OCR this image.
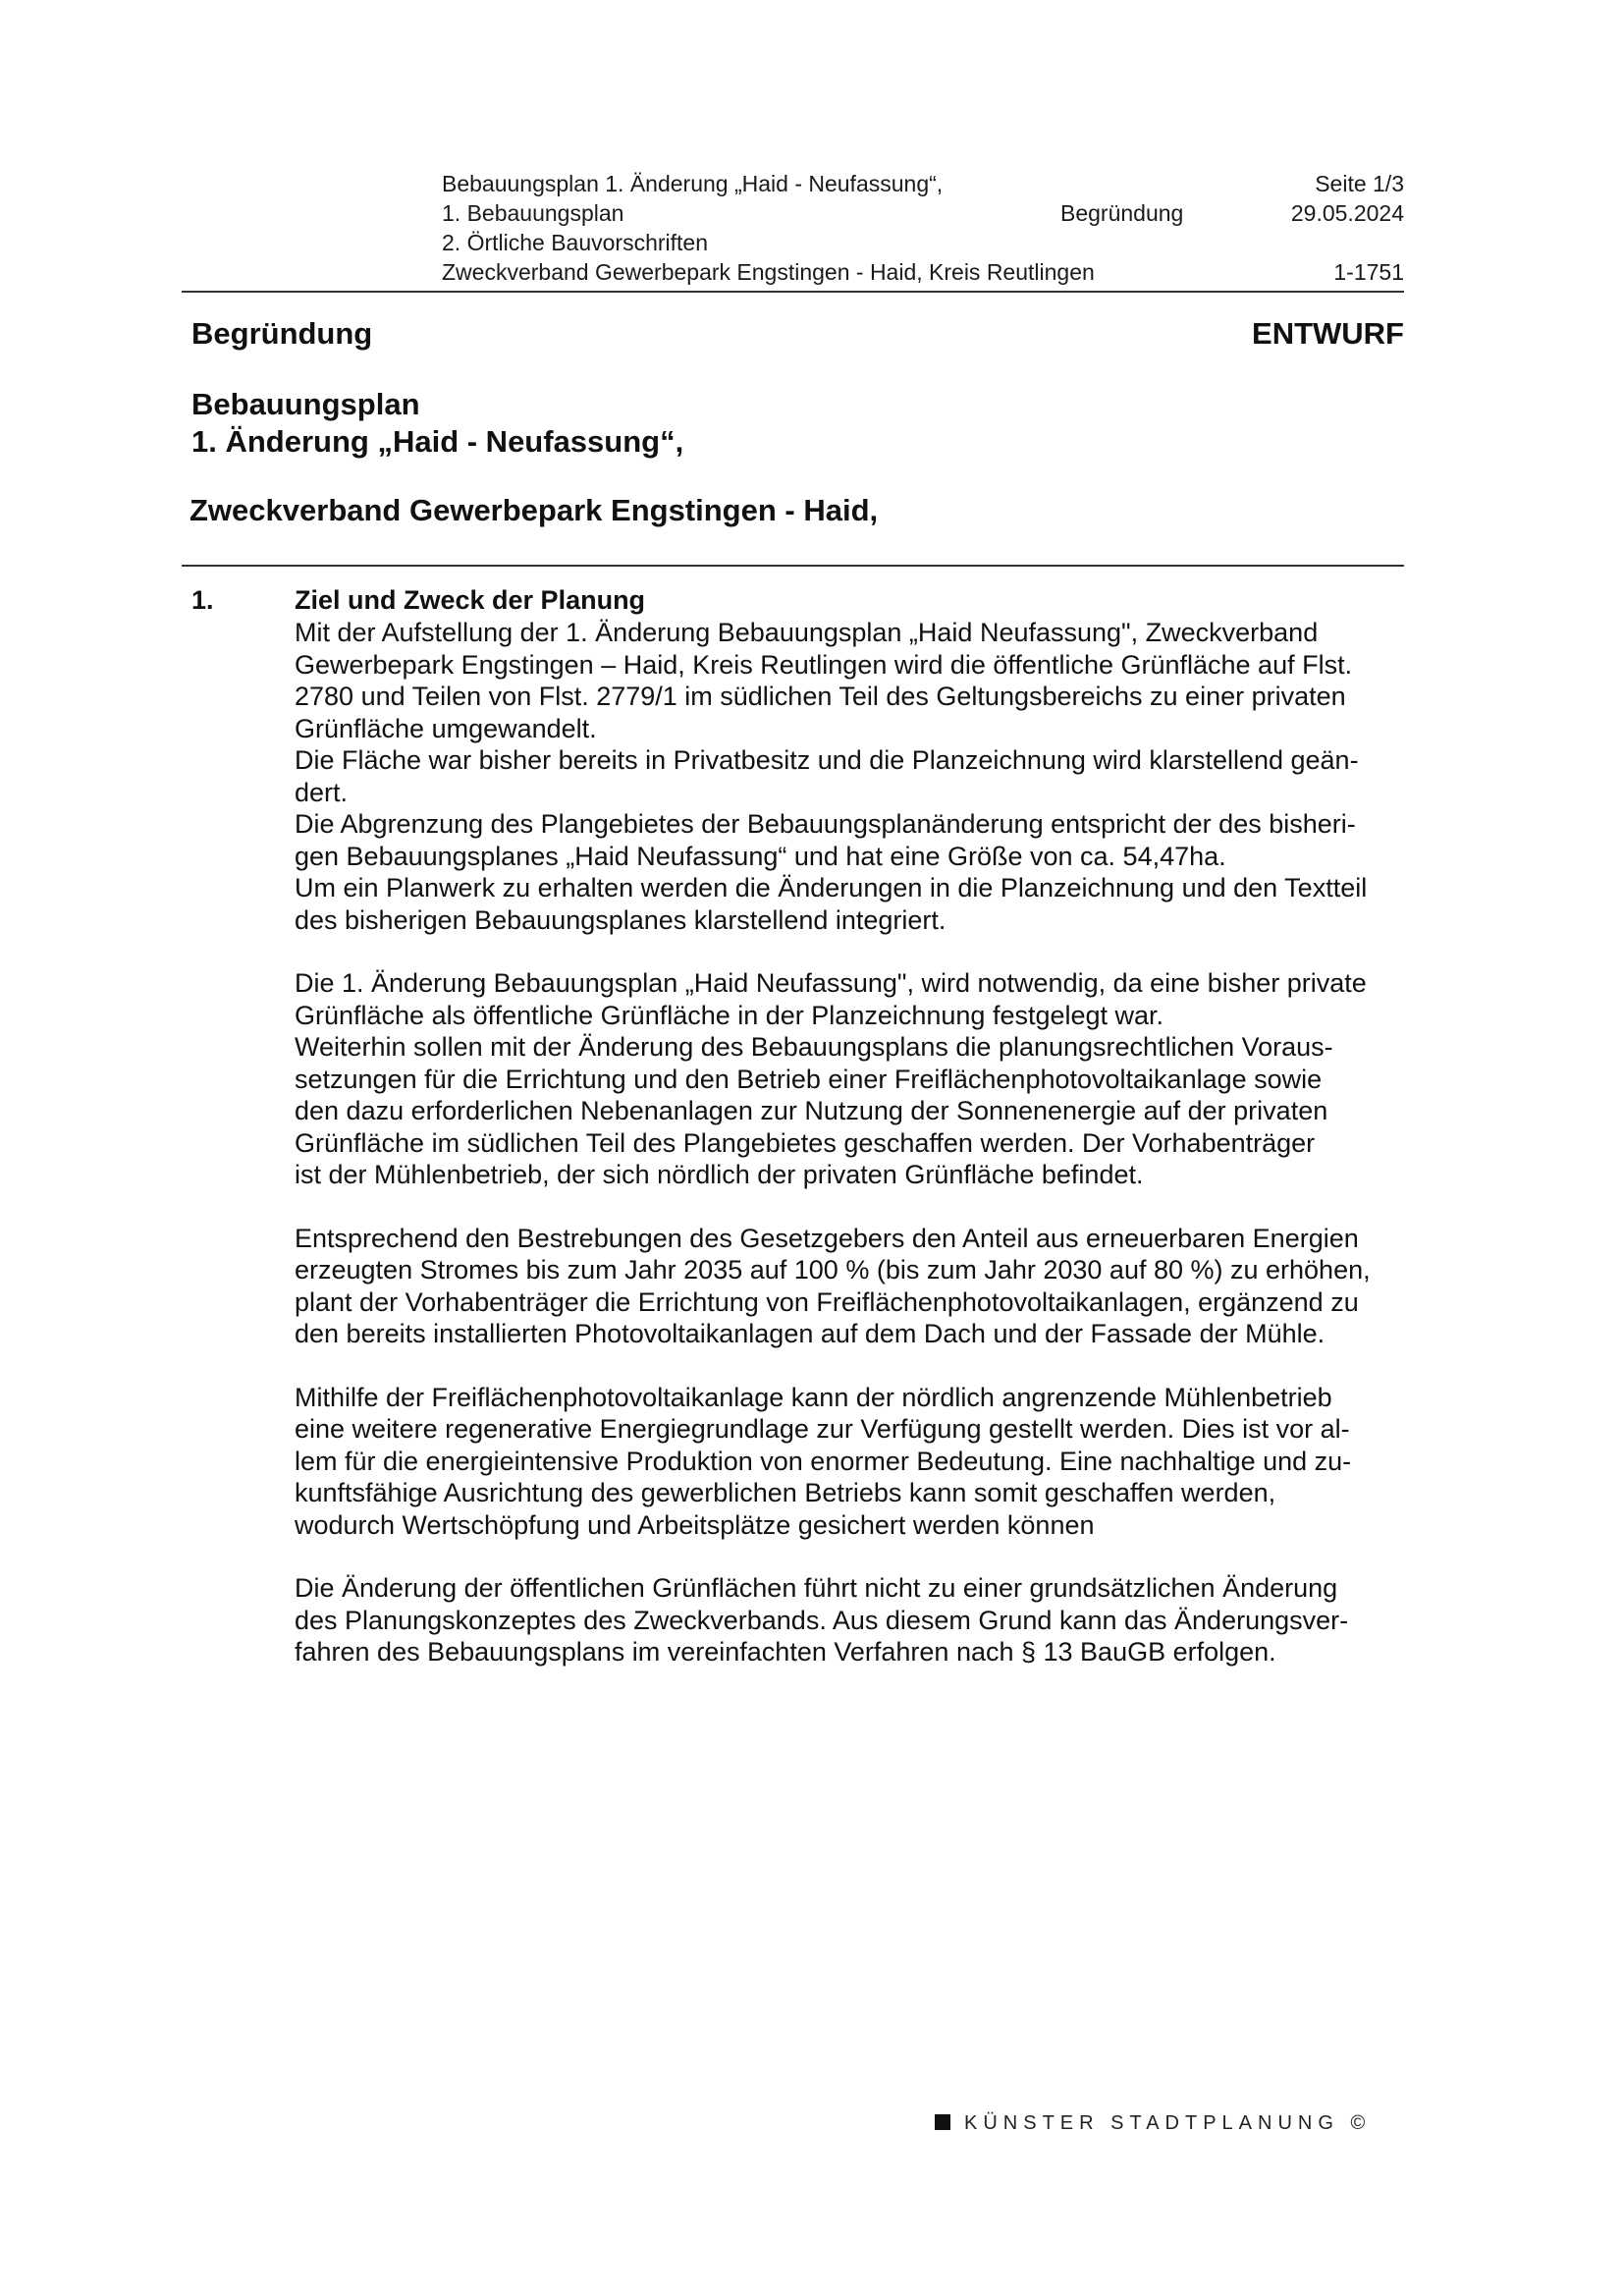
Bebauungsplan 1. Änderung „Haid - Neufassung“,	Seite 1/3
1. Bebauungsplan	Begründung	29.05.2024
2. Örtliche Bauvorschriften
Zweckverband Gewerbepark Engstingen - Haid, Kreis Reutlingen	1-1751
Begründung	ENTWURF
Bebauungsplan
1. Änderung „Haid - Neufassung“,
Zweckverband Gewerbepark Engstingen - Haid,
1.	Ziel und Zweck der Planung

Mit der Aufstellung der 1. Änderung Bebauungsplan „Haid Neufassung", Zweckverband
Gewerbepark Engstingen – Haid, Kreis Reutlingen wird die öffentliche Grünfläche auf Flst.
2780 und Teilen von Flst. 2779/1 im südlichen Teil des Geltungsbereichs zu einer privaten
Grünfläche umgewandelt.
Die Fläche war bisher bereits in Privatbesitz und die Planzeichnung wird klarstellend geän-
dert.
Die Abgrenzung des Plangebietes der Bebauungsplanänderung entspricht der des bisheri-
gen Bebauungsplanes „Haid Neufassung“ und hat eine Größe von ca. 54,47ha.
Um ein Planwerk zu erhalten werden die Änderungen in die Planzeichnung und den Textteil
des bisherigen Bebauungsplanes klarstellend integriert.

Die 1. Änderung Bebauungsplan „Haid Neufassung", wird notwendig, da eine bisher private
Grünfläche als öffentliche Grünfläche in der Planzeichnung festgelegt war.
Weiterhin sollen mit der Änderung des Bebauungsplans die planungsrechtlichen Voraus-
setzungen für die Errichtung und den Betrieb einer Freiflächenphotovoltaikanlage sowie
den dazu erforderlichen Nebenanlagen zur Nutzung der Sonnenenergie auf der privaten
Grünfläche im südlichen Teil des Plangebietes geschaffen werden. Der Vorhabenträger
ist der Mühlenbetrieb, der sich nördlich der privaten Grünfläche befindet.

Entsprechend den Bestrebungen des Gesetzgebers den Anteil aus erneuerbaren Energien
erzeugten Stromes bis zum Jahr 2035 auf 100 % (bis zum Jahr 2030 auf 80 %) zu erhöhen,
plant der Vorhabenträger die Errichtung von Freiflächenphotovoltaikanlagen, ergänzend zu
den bereits installierten Photovoltaikanlagen auf dem Dach und der Fassade der Mühle.

Mithilfe der Freiflächenphotovoltaikanlage kann der nördlich angrenzende Mühlenbetrieb
eine weitere regenerative Energiegrundlage zur Verfügung gestellt werden. Dies ist vor al-
lem für die energieintensive Produktion von enormer Bedeutung. Eine nachhaltige und zu-
kunftsfähige Ausrichtung des gewerblichen Betriebs kann somit geschaffen werden,
wodurch Wertschöpfung und Arbeitsplätze gesichert werden können

Die Änderung der öffentlichen Grünflächen führt nicht zu einer grundsätzlichen Änderung
des Planungskonzeptes des Zweckverbands. Aus diesem Grund kann das Änderungsver-
fahren des Bebauungsplans im vereinfachten Verfahren nach § 13 BauGB erfolgen.

KÜNSTER STADTPLANUNG ©
